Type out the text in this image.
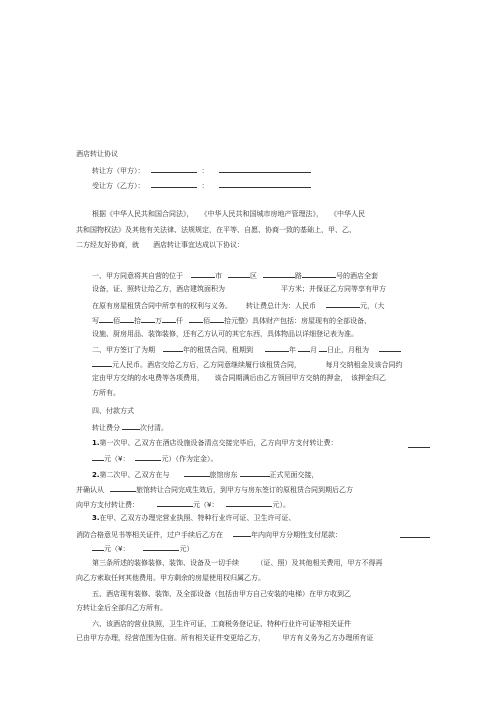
酒店转让协议
转让方（甲方）：	：
受让方（乙方）：	：
根据《中华人民共和国合同法》，　　《中华人民共和国城市房地产管理法》，　　《中华人民
共和国物权法》及其他有关法律、法规规定，在平等、自愿、协商一致的基础上，甲、乙、
二方经友好协商，就　　酒店转让事宜达成以下协议：
一、甲方同意将其自营的位于	市	区	路	号的酒店全套
设备，证、照转让给乙方，酒店建筑面积为　　　　　　　　平方米；并保证乙方同等享有甲方
在原有房屋租赁合同中所享有的权利与义务。 转让费总计为：人民币	元，（大
写 佰 拾 万 仟	佰 拾元整）具体财产包括：房屋现有的全部设备、
设施、厨房用品、装饰装修，还有乙方认可的其它东西，具体物品以详细登记表为准。
二、甲方签订了为期	年的租赁合同，租期到	年 月 日止，月租为
元人民币。酒店交给乙方后，乙方同意继续履行该租赁合同，　　　　每月交纳租金及该合同约
定由甲方交纳的水电费等各项费用，　　该合同期满后由乙方领回甲方交纳的押金，　该押金归乙
方所有。
四、付款方式
转让费分	次付清。
1.第一次甲、乙双方在酒店设施设备清点交接完毕后，乙方向甲方支付转让费：
元（¥：	元）（作为定金）。
2.第二次甲、乙双方在与	旅馆房东	正式见面交接，
并确认从	旅馆转让合同完成生效后，到甲方与房东签订的原租赁合同到期后乙方
向甲方支付转让费：	元（¥：	元）。
3.在甲、乙双方办理完营业执照、特种行业许可证、卫生许可证、
消防合格意见书等相关证件，过户手续后乙方在	年内向甲方分期性支付尾款：
元（¥：	元）
第三条所述的装修装修、装饰、设备及一切手续　　　（证、照）及其他相关费用，甲方不得再
向乙方索取任何其他费用。甲方剩余的房屋使用权归属乙方。
五、酒店现有装修、装饰、及全部设备（包括由甲方自己安装的电梯）在甲方收到乙
方转让金后全部归乙方所有。
六、该酒店的营业执照，卫生许可证，工商税务登记证、特种行业许可证等相关证件
已由甲方办理，经营范围为住宿。所有相关证件变更给乙方，　　　甲方有义务为乙方办理所有证
